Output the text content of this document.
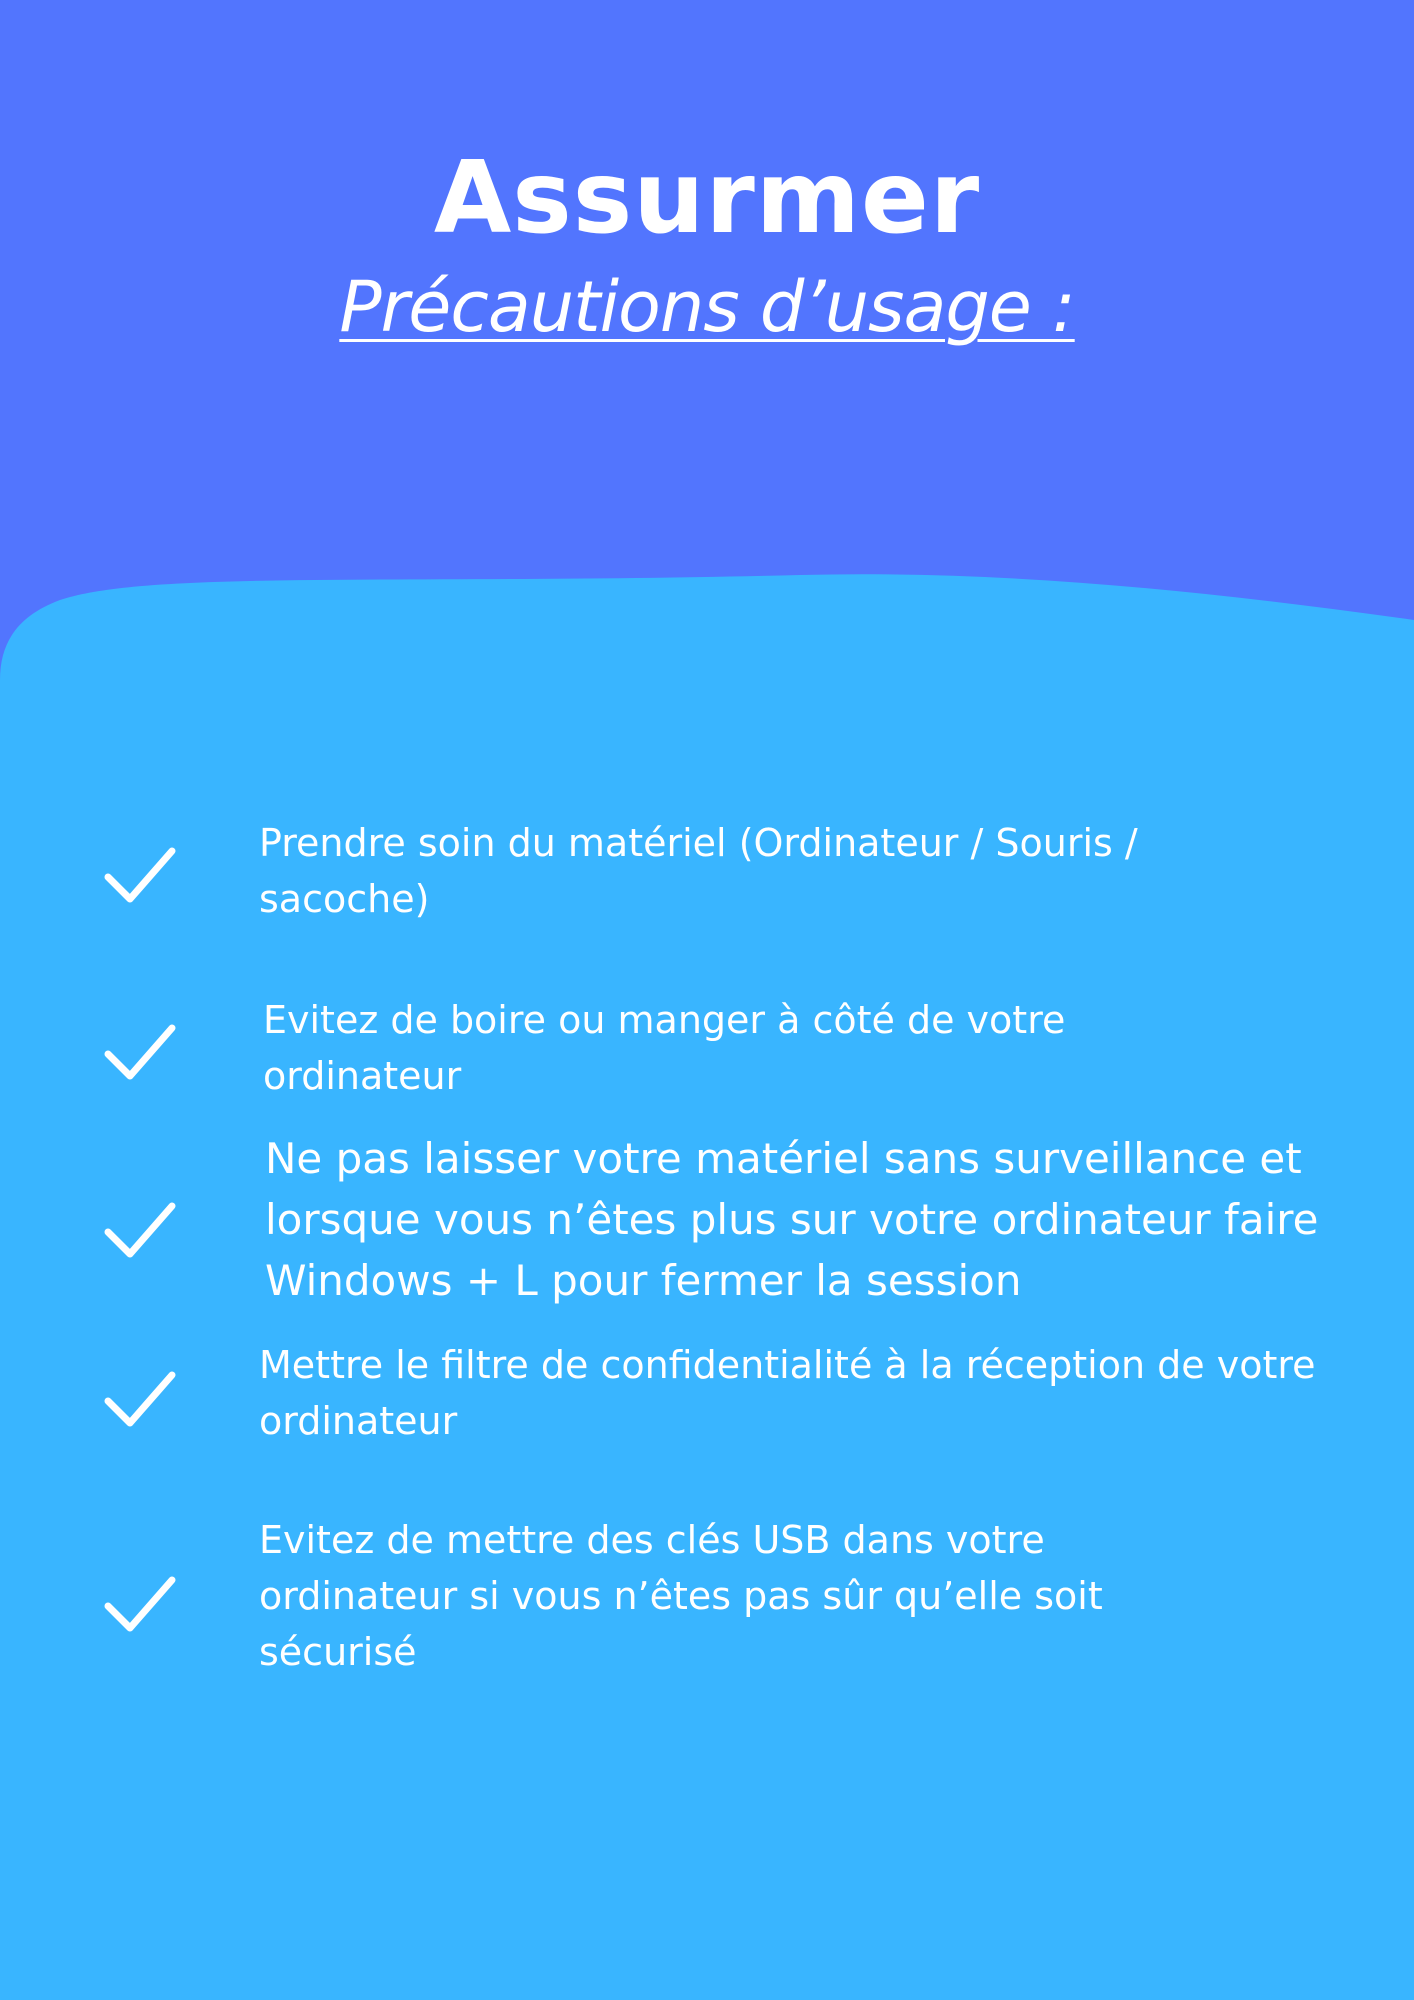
Assurmer
Précautions d’usage :

Prendre soin du matériel (Ordinateur / Souris / sacoche)

Evitez de boire ou manger à côté de votre ordinateur

Ne pas laisser votre matériel sans surveillance et lorsque vous n’êtes plus sur votre ordinateur faire Windows + L pour fermer la session

Mettre le filtre de confidentialité à la réception de votre ordinateur

Evitez de mettre des clés USB dans votre ordinateur si vous n’êtes pas sûr qu’elle soit sécurisé
